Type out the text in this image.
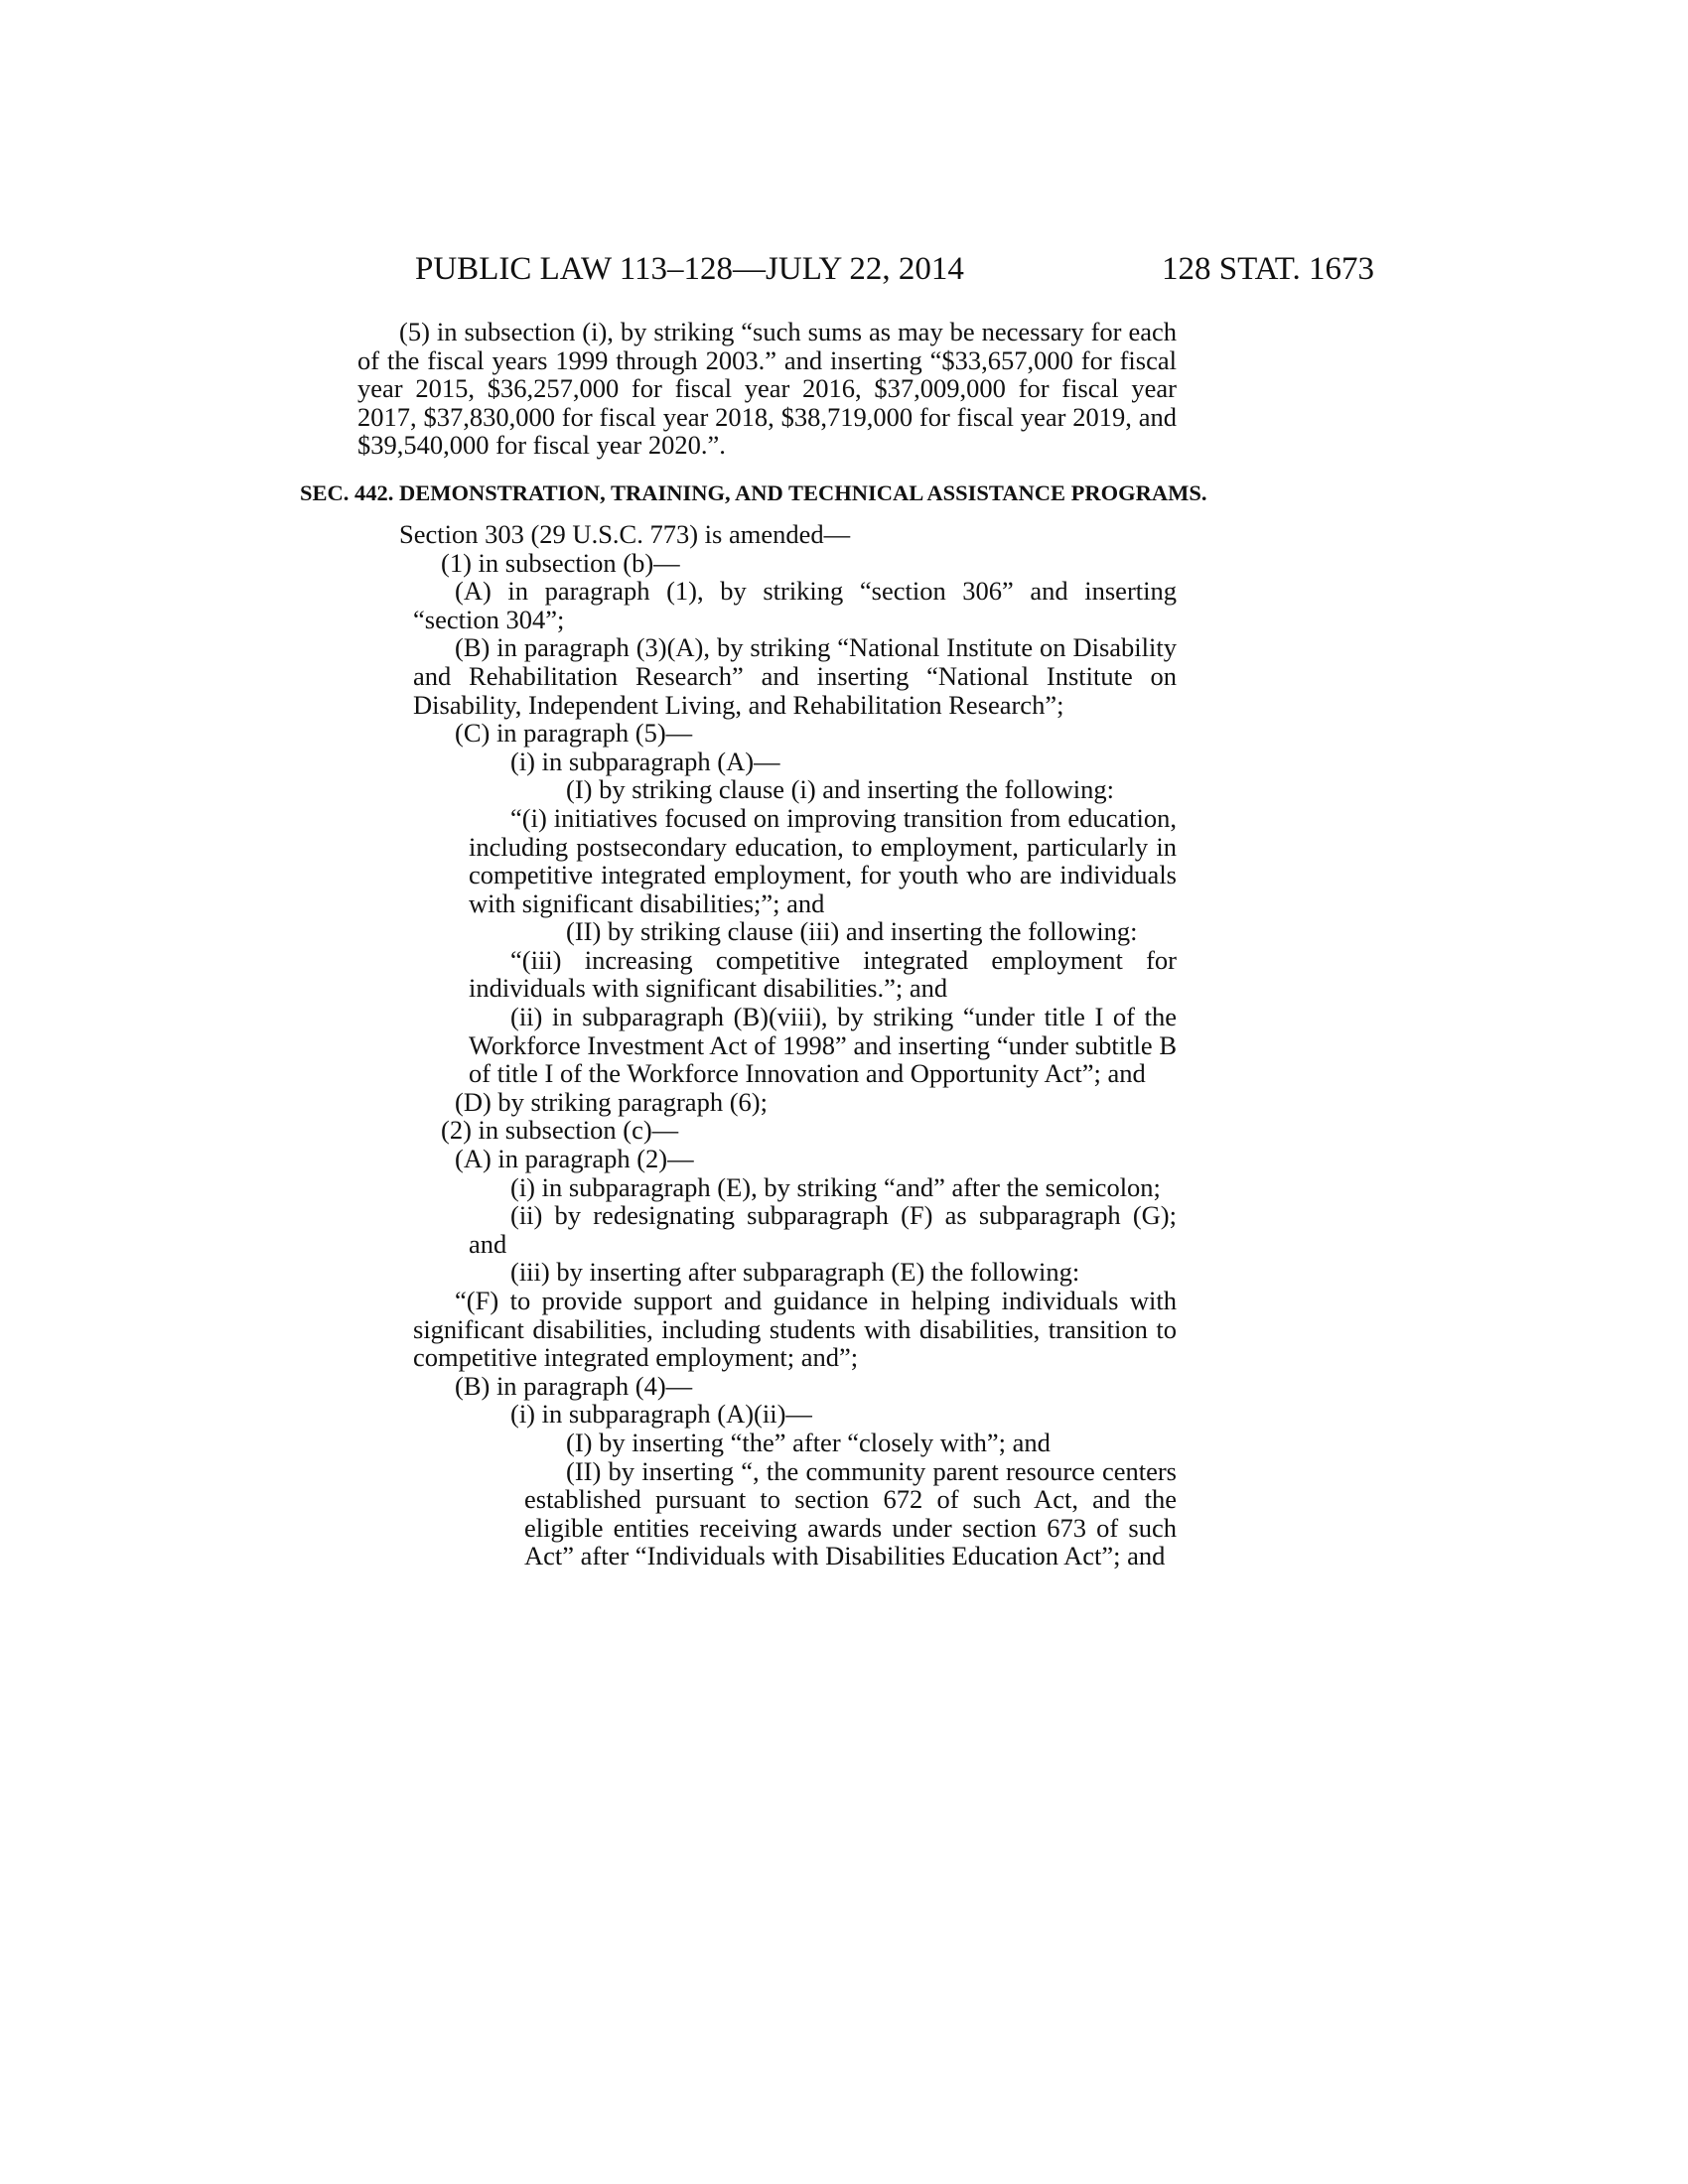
PUBLIC LAW 113–128—JULY 22, 2014	128 STAT. 1673

(5) in subsection (i), by striking “such sums as may be necessary for each of the fiscal years 1999 through 2003.” and inserting “$33,657,000 for fiscal year 2015, $36,257,000 for fiscal year 2016, $37,009,000 for fiscal year 2017, $37,830,000 for fiscal year 2018, $38,719,000 for fiscal year 2019, and $39,540,000 for fiscal year 2020.”.

SEC. 442. DEMONSTRATION, TRAINING, AND TECHNICAL ASSISTANCE PROGRAMS.

Section 303 (29 U.S.C. 773) is amended—

(1) in subsection (b)—

(A) in paragraph (1), by striking “section 306” and inserting “section 304”;

(B) in paragraph (3)(A), by striking “National Institute on Disability and Rehabilitation Research” and inserting “National Institute on Disability, Independent Living, and Rehabilitation Research”;

(C) in paragraph (5)—

(i) in subparagraph (A)—

(I) by striking clause (i) and inserting the following:

“(i) initiatives focused on improving transition from education, including postsecondary education, to employment, particularly in competitive integrated employment, for youth who are individuals with significant disabilities;”; and

(II) by striking clause (iii) and inserting the following:

“(iii) increasing competitive integrated employment for individuals with significant disabilities.”; and

(ii) in subparagraph (B)(viii), by striking “under title I of the Workforce Investment Act of 1998” and inserting “under subtitle B of title I of the Workforce Innovation and Opportunity Act”; and

(D) by striking paragraph (6);

(2) in subsection (c)—

(A) in paragraph (2)—

(i) in subparagraph (E), by striking “and” after the semicolon;

(ii) by redesignating subparagraph (F) as subparagraph (G); and

(iii) by inserting after subparagraph (E) the following:

“(F) to provide support and guidance in helping individuals with significant disabilities, including students with disabilities, transition to competitive integrated employment; and”;

(B) in paragraph (4)—

(i) in subparagraph (A)(ii)—

(I) by inserting “the” after “closely with”; and

(II) by inserting “, the community parent resource centers established pursuant to section 672 of such Act, and the eligible entities receiving awards under section 673 of such Act” after “Individuals with Disabilities Education Act”; and
